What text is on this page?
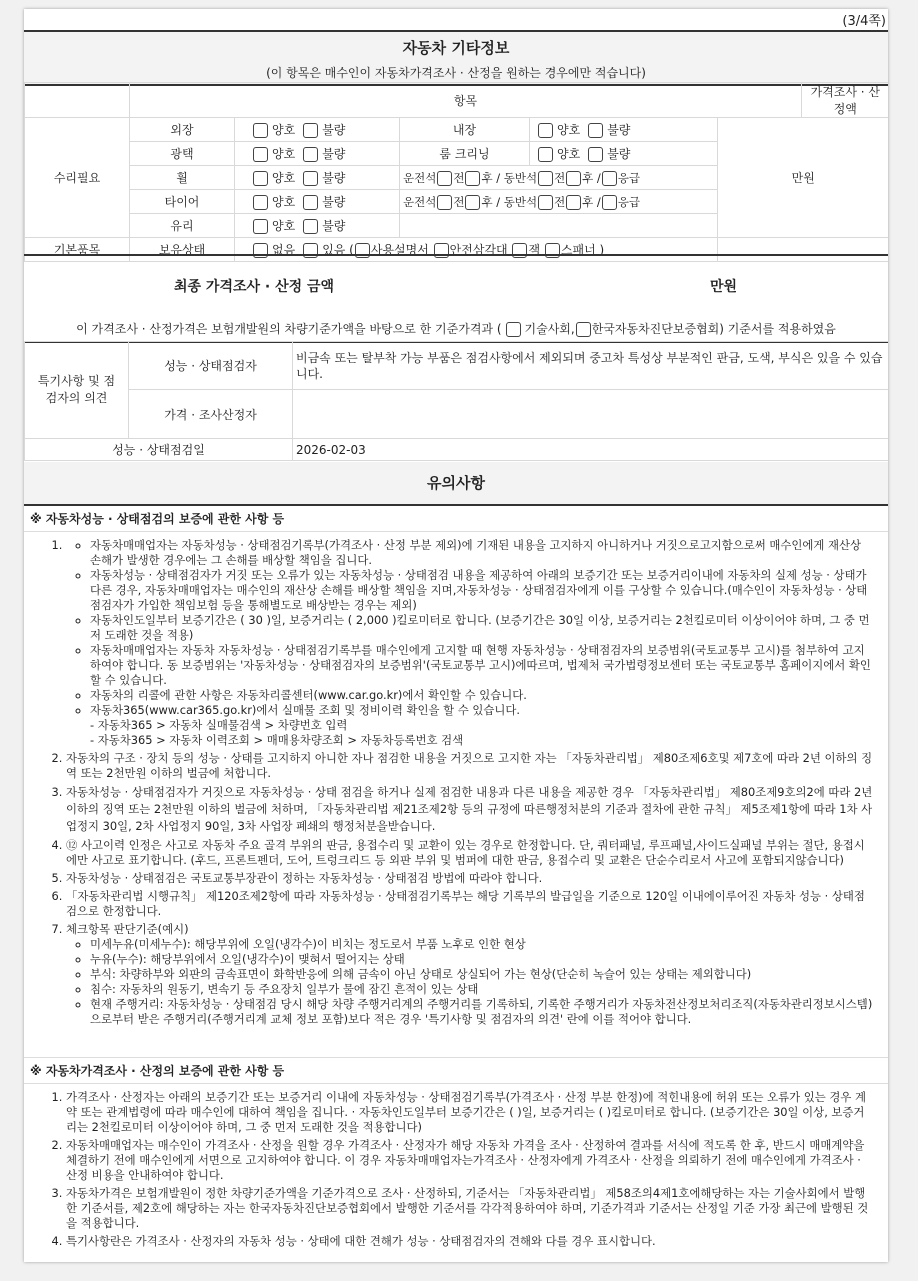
(3/4쪽)
자동차 기타정보
(이 항목은 매수인이 자동차가격조사 · 산정을 원하는 경우에만 적습니다)
	항목					가격조사 · 산정액
수리필요	외장	양호 불량	내장	양호 불량	만원	
	광택	양호 불량	룸 크리닝	양호 불량		
	휠	양호 불량	운전석 전 후 / 동반석 전 후 / 응급			
	타이어	양호 불량	운전석 전 후 / 동반석 전 후 / 응급			
	유리	양호 불량				
기본품목	보유상태	없음 있음 ( 사용설명서 안전삼각대 잭 스패너 )				
최종 가격조사 · 산정 금액	만원
이 가격조사 · 산정가격은 보험개발원의 차량기준가액을 바탕으로 한 기준가격과 ( 기술사회, 한국자동차진단보증협회) 기준서를 적용하였음
특기사항 및 점검자의 의견	성능 · 상태점검자	비금속 또는 탈부착 가능 부품은 점검사항에서 제외되며 중고차 특성상 부분적인 판금, 도색, 부식은 있을 수 있습니다.
	가격 · 조사산정자	
성능 · 상태점검일		2026-02-03
유의사항
※ 자동차성능 · 상태점검의 보증에 관한 사항 등
◦ 1. 자동차매매업자는 자동차성능 · 상태점검기록부(가격조사 · 산정 부분 제외)에 기재된 내용을 고지하지 아니하거나 거짓으로고지함으로써 매수인에게 재산상 손해가 발생한 경우에는 그 손해를 배상할 책임을 집니다.
◦ 자동차성능 · 상태점검자가 거짓 또는 오류가 있는 자동차성능 · 상태점검 내용을 제공하여 아래의 보증기간 또는 보증거리이내에 자동차의 실제 성능 · 상태가 다른 경우, 자동차매매업자는 매수인의 재산상 손해를 배상할 책임을 지며,자동차성능 · 상태점검자에게 이를 구상할 수 있습니다.(매수인이 자동차성능 · 상태점검자가 가입한 책임보험 등을 통해별도로 배상받는 경우는 제외)
◦ 자동차인도일부터 보증기간은 ( 30 )일, 보증거리는 ( 2,000 )킬로미터로 합니다. (보증기간은 30일 이상, 보증거리는 2천킬로미터 이상이어야 하며, 그 중 먼저 도래한 것을 적용)
◦ 자동차매매업자는 자동차 자동차성능 · 상태점검기록부를 매수인에게 고지할 때 현행 자동차성능 · 상태점검자의 보증범위(국토교통부 고시)를 첨부하여 고지하여야 합니다. 동 보증범위는 '자동차성능 · 상태점검자의 보증범위'(국토교통부 고시)에따르며, 법제처 국가법령정보센터 또는 국토교통부 홈페이지에서 확인할 수 있습니다.
◦ 자동차의 리콜에 관한 사항은 자동차리콜센터(www.car.go.kr)에서 확인할 수 있습니다.
◦ 자동차365(www.car365.go.kr)에서 실매물 조회 및 정비이력 확인을 할 수 있습니다.
- 자동차365 > 자동차 실매물검색 > 차량번호 입력
- 자동차365 > 자동차 이력조회 > 매매용차량조회 > 자동차등록번호 검색
2. 자동차의 구조 · 장치 등의 성능 · 상태를 고지하지 아니한 자나 점검한 내용을 거짓으로 고지한 자는 「자동차관리법」 제80조제6호및 제7호에 따라 2년 이하의 징역 또는 2천만원 이하의 벌금에 처합니다.
3. 자동차성능 · 상태점검자가 거짓으로 자동차성능 · 상태 점검을 하거나 실제 점검한 내용과 다른 내용을 제공한 경우 「자동차관리법」 제80조제9호의2에 따라 2년 이하의 징역 또는 2천만원 이하의 벌금에 처하며, 「자동차관리법 제21조제2항 등의 규정에 따른행정처분의 기준과 절차에 관한 규칙」 제5조제1항에 따라 1차 사업정지 30일, 2차 사업정지 90일, 3차 사업장 폐쇄의 행정처분을받습니다.
4. ⑫ 사고이력 인정은 사고로 자동차 주요 골격 부위의 판금, 용접수리 및 교환이 있는 경우로 한정합니다. 단, 쿼터패널, 루프패널,사이드실패널 부위는 절단, 용접시에만 사고로 표기합니다. (후드, 프론트펜더, 도어, 트렁크리드 등 외판 부위 및 범퍼에 대한 판금, 용접수리 및 교환은 단순수리로서 사고에 포함되지않습니다)
5. 자동차성능 · 상태점검은 국토교통부장관이 정하는 자동차성능 · 상태점검 방법에 따라야 합니다.
6. 「자동차관리법 시행규칙」 제120조제2항에 따라 자동차성능 · 상태점검기록부는 해당 기록부의 발급일을 기준으로 120일 이내에이루어진 자동차 성능 · 상태점검으로 한정합니다.
7. 체크항목 판단기준(예시)
◦ 미세누유(미세누수): 해당부위에 오일(냉각수)이 비치는 정도로서 부품 노후로 인한 현상
◦ 누유(누수): 해당부위에서 오일(냉각수)이 맺혀서 떨어지는 상태
◦ 부식: 차량하부와 외판의 금속표면이 화학반응에 의해 금속이 아닌 상태로 상실되어 가는 현상(단순히 녹슬어 있는 상태는 제외합니다)
◦ 침수: 자동차의 원동기, 변속기 등 주요장치 일부가 물에 잠긴 흔적이 있는 상태
◦ 현재 주행거리: 자동차성능 · 상태점검 당시 해당 차량 주행거리계의 주행거리를 기록하되, 기록한 주행거리가 자동차전산정보처리조직(자동차관리정보시스템)으로부터 받은 주행거리(주행거리계 교체 정보 포함)보다 적은 경우 '특기사항 및 점검자의 의견' 란에 이를 적어야 합니다.
※ 자동차가격조사 · 산정의 보증에 관한 사항 등
1. 가격조사 · 산정자는 아래의 보증기간 또는 보증거리 이내에 자동차성능 · 상태점검기록부(가격조사 · 산정 부분 한정)에 적힌내용에 허위 또는 오류가 있는 경우 계약 또는 관계법령에 따라 매수인에 대하여 책임을 집니다. · 자동차인도일부터 보증기간은 ( )일, 보증거리는 ( )킬로미터로 합니다. (보증기간은 30일 이상, 보증거리는 2천킬로미터 이상이어야 하며, 그 중 먼저 도래한 것을 적용합니다)
2. 자동차매매업자는 매수인이 가격조사 · 산정을 원할 경우 가격조사 · 산정자가 해당 자동차 가격을 조사 · 산정하여 결과를 서식에 적도록 한 후, 반드시 매매계약을 체결하기 전에 매수인에게 서면으로 고지하여야 합니다. 이 경우 자동차매매업자는가격조사 · 산정자에게 가격조사 · 산정을 의뢰하기 전에 매수인에게 가격조사 · 산정 비용을 안내하여야 합니다.
3. 자동차가격은 보험개발원이 정한 차량기준가액을 기준가격으로 조사 · 산정하되, 기준서는 「자동차관리법」 제58조의4제1호에해당하는 자는 기술사회에서 발행한 기준서를, 제2호에 해당하는 자는 한국자동차진단보증협회에서 발행한 기준서를 각각적용하여야 하며, 기준가격과 기준서는 산정일 기준 가장 최근에 발행된 것을 적용합니다.
4. 특기사항란은 가격조사 · 산정자의 자동차 성능 · 상태에 대한 견해가 성능 · 상태점검자의 견해와 다를 경우 표시합니다.
